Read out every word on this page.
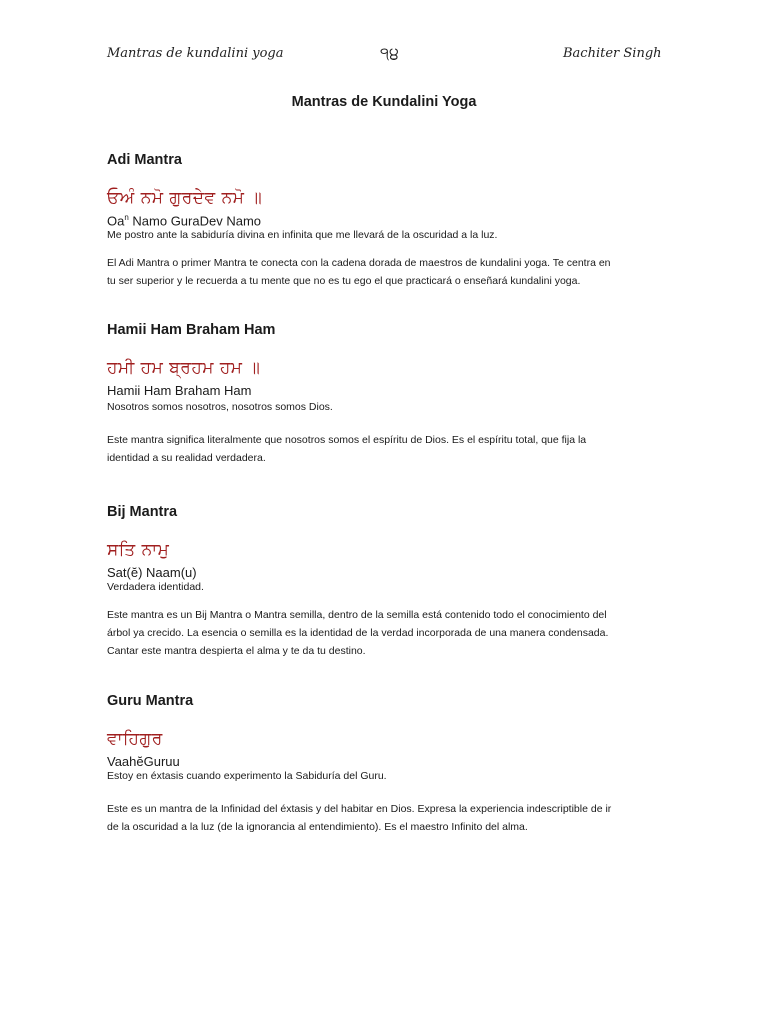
Mantras de kundalini yoga	੧੪	Bachiter Singh
Mantras de Kundalini Yoga

Adi Mantra

ਓਅੰ ਨਮੋ ਗੁਰਦੇਵ ਨਮੋ ॥

Oa$^n$ Namo GuraDev Namo

Me postro ante la sabiduría divina en infinita que me llevará de la oscuridad a la luz.

El Adi Mantra o primer Mantra te conecta con la cadena dorada de maestros de kundalini yoga. Te centra en

tu ser superior y le recuerda a tu mente que no es tu ego el que practicará o enseñará kundalini yoga.

Hamii Ham Braham Ham

ਹਮੀ ਹਮ ਬ੍ਰਹਮ ਹਮ ॥

Hamii Ham Braham Ham

Nosotros somos nosotros, nosotros somos Dios.

Este mantra significa literalmente que nosotros somos el espíritu de Dios. Es el espíritu total, que fija la

identidad a su realidad verdadera.

Bij Mantra

ਸਤਿ ਨਾਮੁ

Sat(ĕ) Naam(u)

Verdadera identidad.

Este mantra es un Bij Mantra o Mantra semilla, dentro de la semilla está contenido todo el conocimiento del

árbol ya crecido. La esencia o semilla es la identidad de la verdad incorporada de una manera condensada.

Cantar este mantra despierta el alma y te da tu destino.

Guru Mantra

ਵਾਹਿਗੁਰ

VaahĕGuruu

Estoy en éxtasis cuando experimento la Sabiduría del Guru.

Este es un mantra de la Infinidad del éxtasis y del habitar en Dios. Expresa la experiencia indescriptible de ir

de la oscuridad a la luz (de la ignorancia al entendimiento). Es el maestro Infinito del alma.
